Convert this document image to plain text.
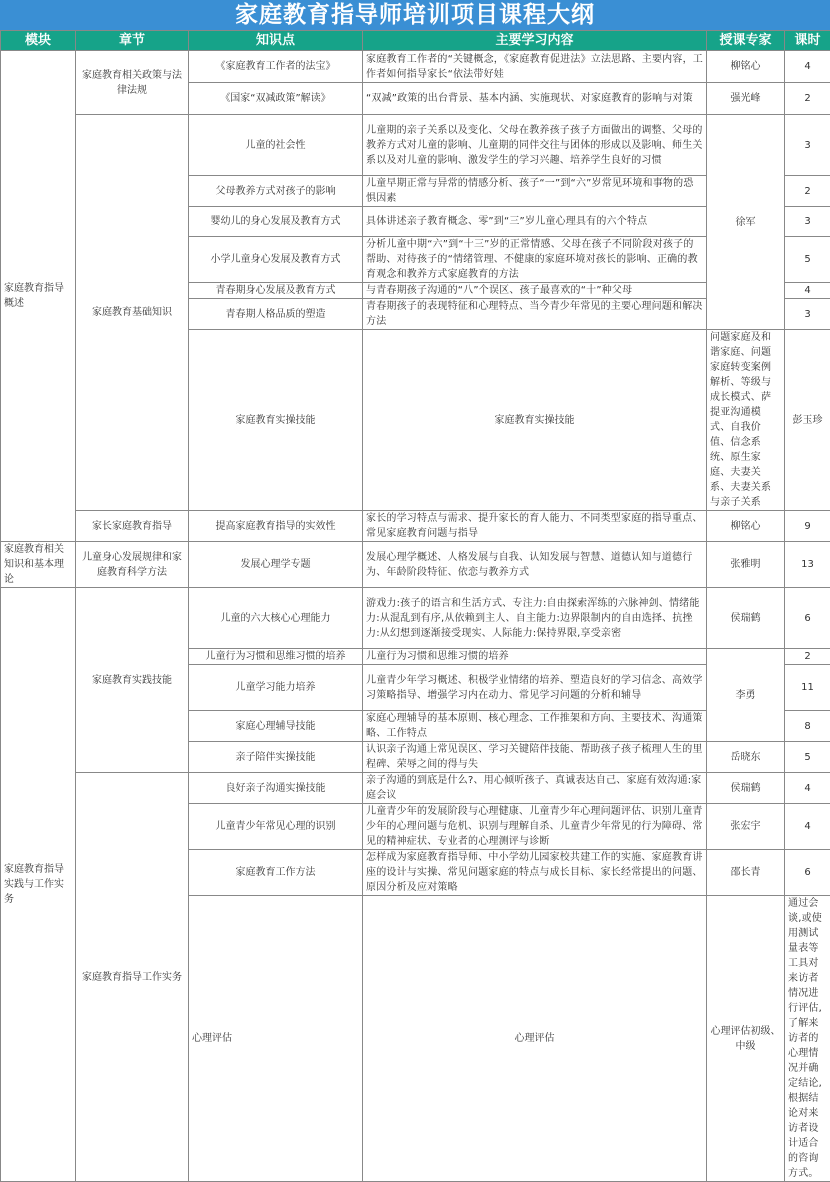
家庭教育指导师培训项目课程大纲
模块	章节	知识点	主要学习内容	授课专家	课时	
家庭教育指导概述	家庭教育相关政策与法律法规	《家庭教育工作者的法宝》	家庭教育工作者的“关键概念，《家庭教育促进法》立法思路、主要内容，工作者如何指导家长“依法带好娃	柳铭心	4	
		《国家“双减政策”解读》	“双减”政策的出台背景、基本内涵、实施现状、对家庭教育的影响与对策	强光峰	2	
	家庭教育基础知识	儿童的社会性	儿童期的亲子关系以及变化、父母在教养孩子孩子方面做出的调整、父母的教养方式对儿童的影响、儿童期的同伴交往与团体的形成以及影响、师生关系以及对儿童的影响、激发学生的学习兴趣、培养学生良好的习惯	徐军	3	
		父母教养方式对孩子的影响	儿童早期正常与异常的情感分析、孩子“一”到“六”岁常见环境和事物的恐惧因素		2	
		婴幼儿的身心发展及教育方式	具体讲述亲子教育概念、零”到“三”岁儿童心理具有的六个特点		3	
		小学儿童身心发展及教育方式	分析儿童中期“六”到“十三”岁的正常情感、父母在孩子不同阶段对孩子的帮助、对待孩子的“情绪管理、不健康的家庭环境对孩长的影响、正确的教育观念和教养方式家庭教育的方法		5	
		青春期身心发展及教育方式	与青春期孩子沟通的“八”个误区、孩子最喜欢的“十”种父母		4	
		青春期人格品质的塑造	青春期孩子的表现特征和心理特点、当今青少年常见的主要心理问题和解决方法		3	
		家庭教育实操技能	家庭教育实操技能	问题家庭及和谐家庭、问题家庭转变案例解析、等级与成长模式、萨提亚沟通模式、自我价值、信念系统、原生家庭、夫妻关系、夫妻关系与亲子关系	彭玉珍	
	家长家庭教育指导	提高家庭教育指导的实效性	家长的学习特点与需求、提升家长的育人能力、不同类型家庭的指导重点、常见家庭教育问题与指导	柳铭心	9	
家庭教育相关知识和基本理论	儿童身心发展规律和家庭教育科学方法	发展心理学专题	发展心理学概述、人格发展与自我、认知发展与智慧、道德认知与道德行为、年龄阶段特征、依恋与教养方式	张雅明	13	
家庭教育指导实践与工作实务	家庭教育实践技能	儿童的六大核心心理能力	游戏力:孩子的语言和生活方式、专注力:自由探索浑练的六脉神剑、情绪能力:从混乱到有序,从依赖到主人、自主能力:边界限制内的自由选择、抗挫力:从幻想到逐渐接受现实、人际能力:保持界限,享受亲密	侯瑞鹤	6	
		儿童行为习惯和思维习惯的培养	儿童行为习惯和思维习惯的培养	李勇	2	
		儿童学习能力培养	儿童青少年学习概述、积极学业情绪的培养、塑造良好的学习信念、高效学习策略指导、增强学习内在动力、常见学习问题的分析和辅导		11	
		家庭心理辅导技能	家庭心理辅导的基本原则、核心理念、工作推架和方向、主要技术、沟通策略、工作特点		8	
		亲子陪伴实操技能	认识亲子沟通上常见误区、学习关键陪伴技能、帮助孩子孩子梳理人生的里程碑、荣辱之间的得与失	岳晓东	5	
	家庭教育指导工作实务	良好亲子沟通实操技能	亲子沟通的到底是什么?、用心倾听孩子、真诚表达自己、家庭有效沟通:家庭会议	侯瑞鹤	4	
		儿童青少年常见心理的识别	儿童青少年的发展阶段与心理健康、儿童青少年心理问题评估、识别儿童青少年的心理问题与危机、识别与理解自杀、儿童青少年常见的行为障碍、常见的精神症状、专业者的心理测评与诊断	张宏宇	4	
		家庭教育工作方法	怎样成为家庭教育指导师、中小学幼儿园家校共建工作的实施、家庭教育讲座的设计与实操、常见问题家庭的特点与成长目标、家长经常提出的问题、原因分析及应对策略	邵长青	6	
		心理评估	心理评估	心理评估初级、中级	通过会谈,或使用测试量表等工具对来访者情况进行评估,了解来访者的心理情况并确定结论,根据结论对来访者设计适合的咨询方式。		
